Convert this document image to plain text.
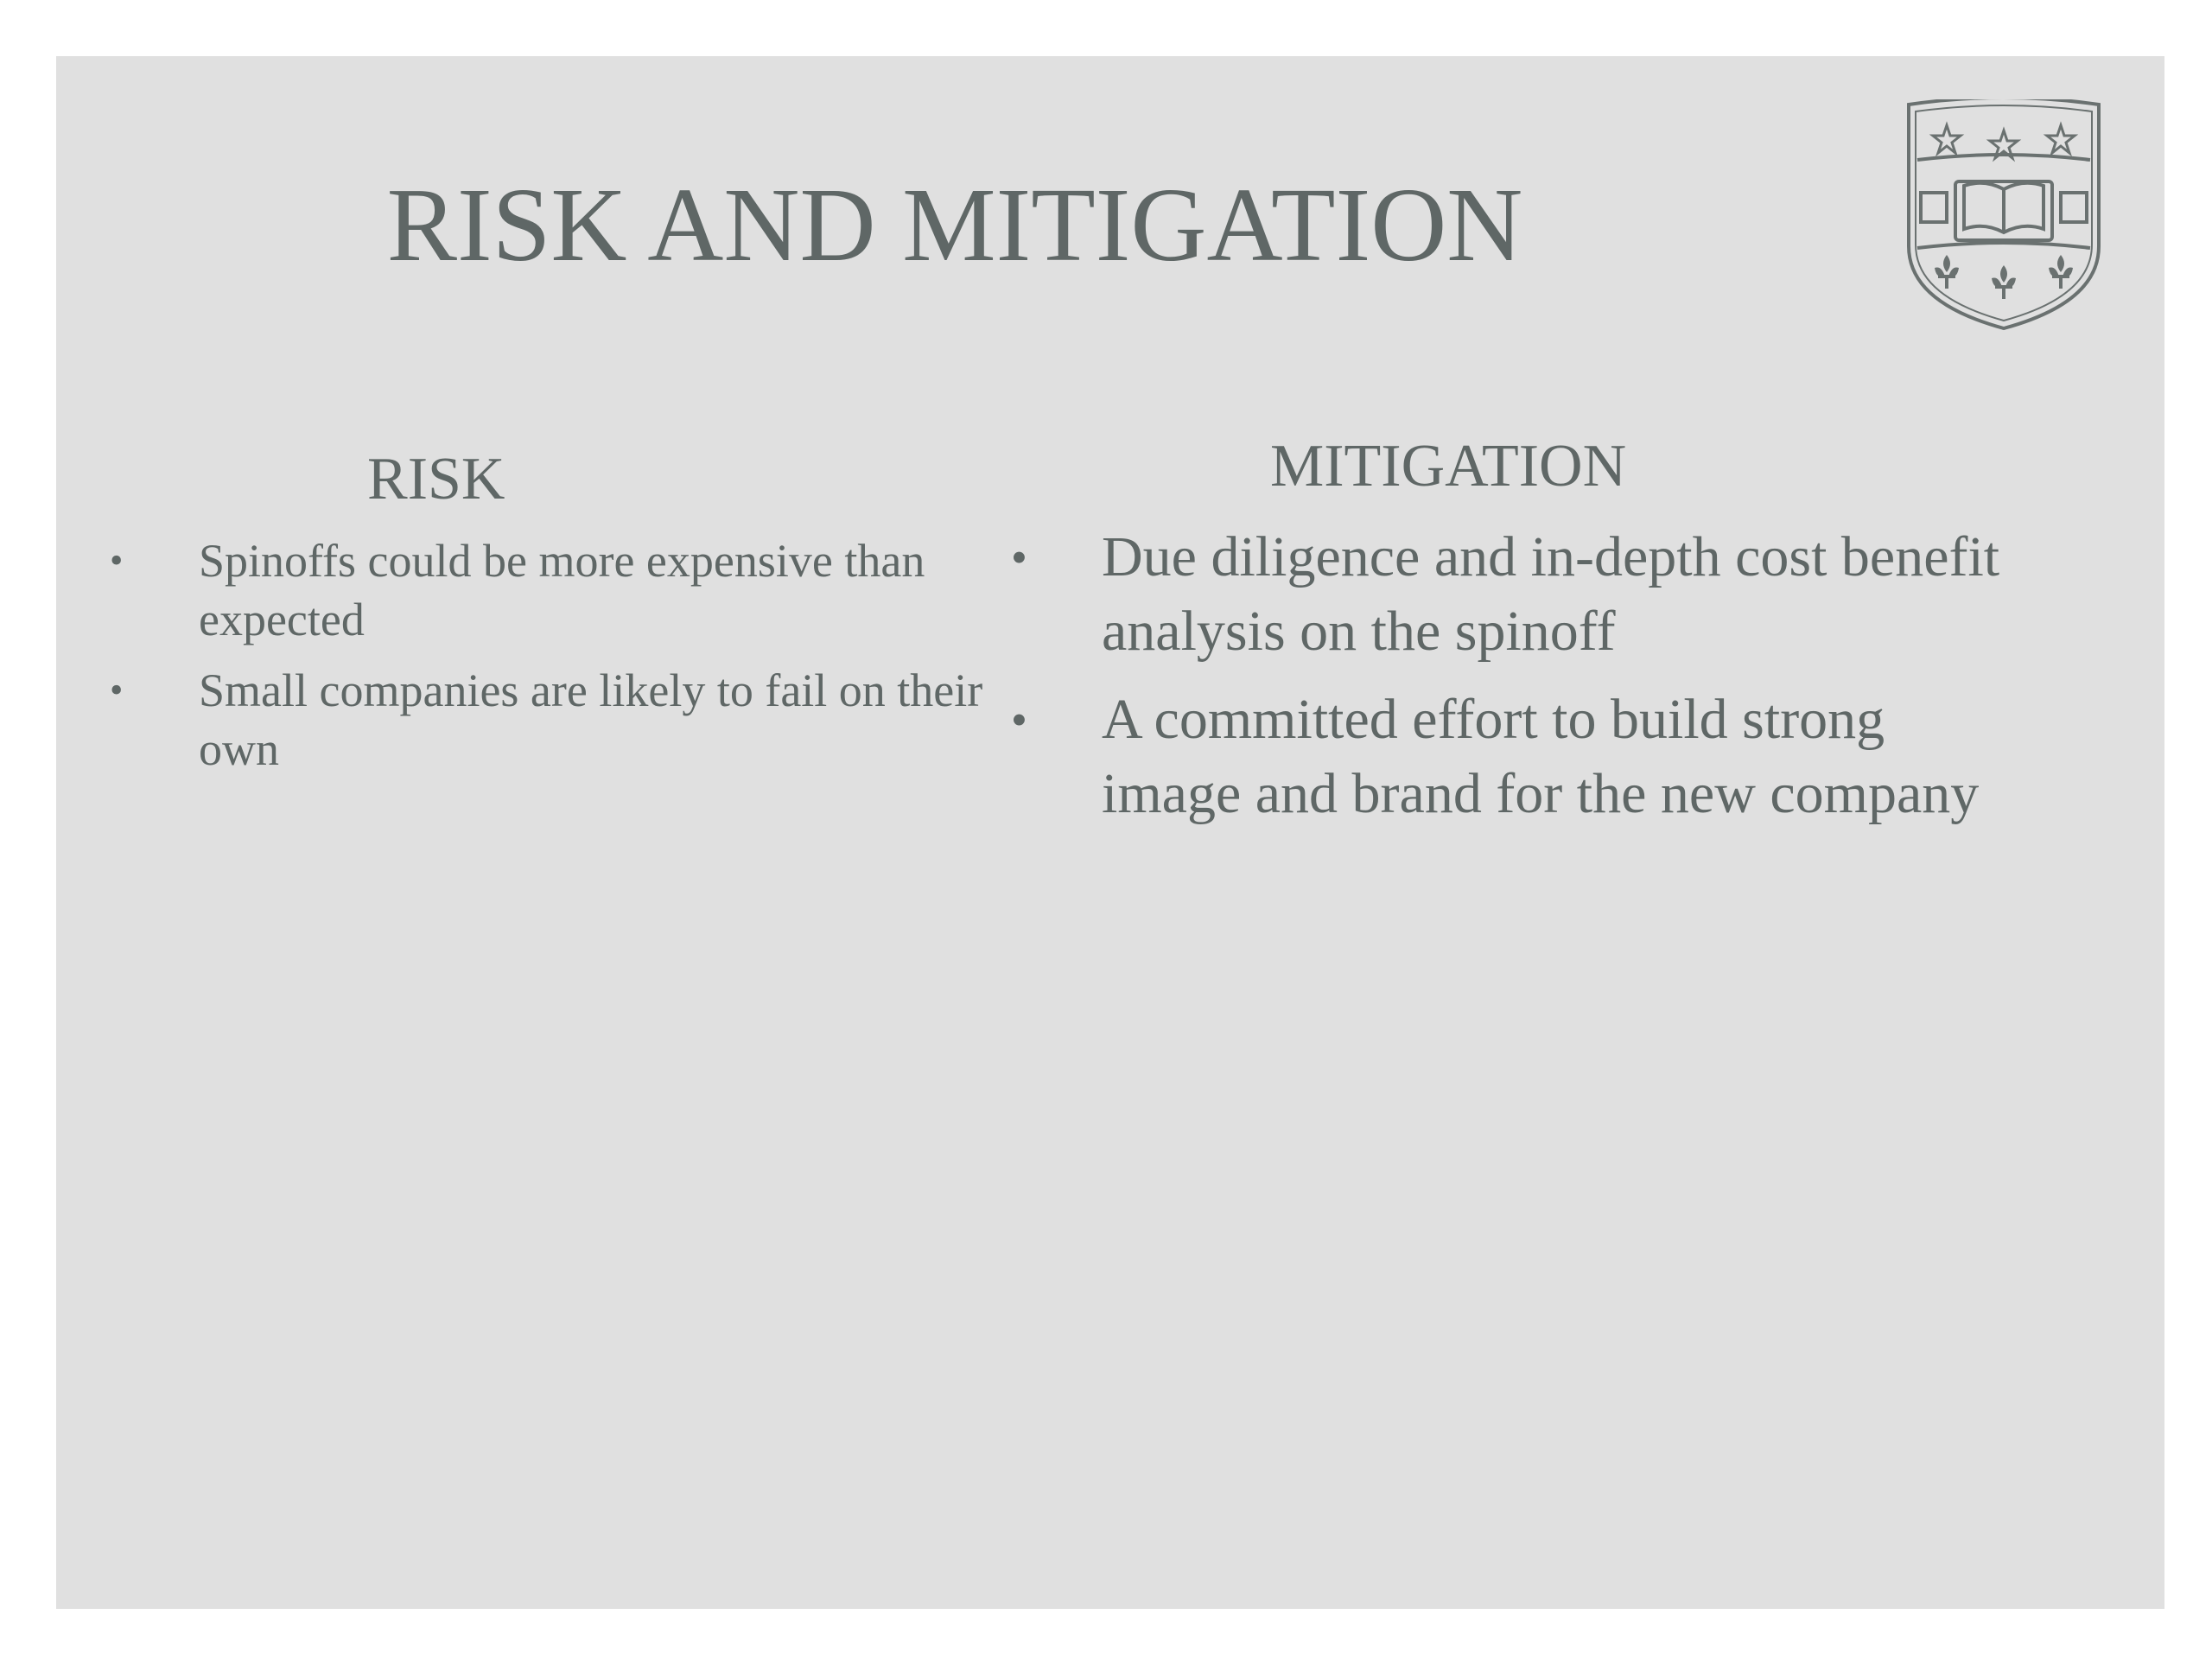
RISK AND MITIGATION
RISK	MITIGATION
•	Spinoffs could be more expensive than expected
•	Small companies are likely to fail on their own
•	Due diligence and in-depth cost benefit analysis on the spinoff
•	A committed effort to build strong image and brand for the new company
